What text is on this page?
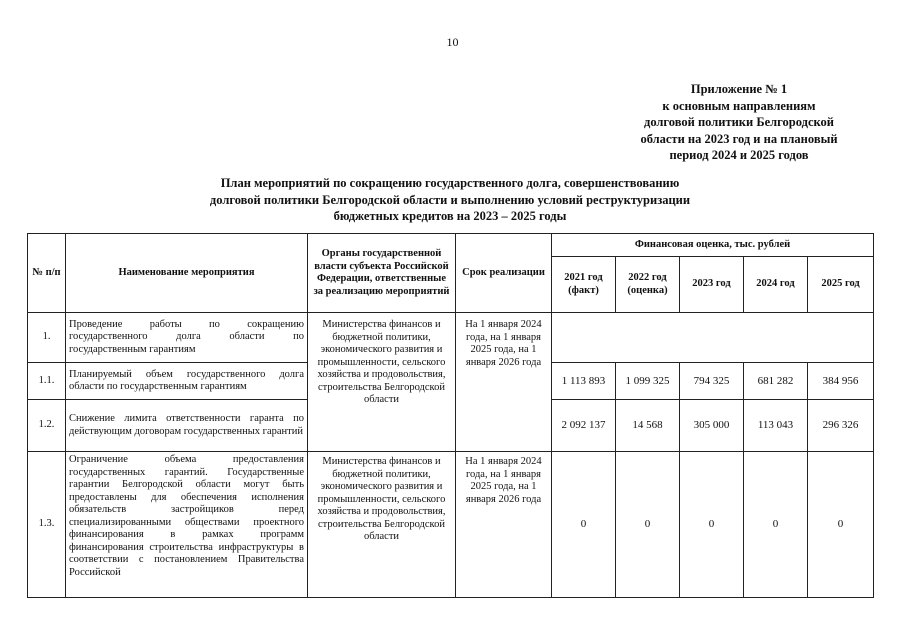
10
Приложение № 1
к основным направлениям
долговой политики Белгородской
области на 2023 год и на плановый
период 2024 и 2025 годов
План мероприятий по сокращению государственного долга, совершенствованию
долговой политики Белгородской области и выполнению условий реструктуризации
бюджетных кредитов на 2023 – 2025 годы
№ п/п	Наименование мероприятия	Органы государственной власти субъекта Российской Федерации, ответственные за реализацию мероприятий	Срок реализации	Финансовая оценка, тыс. рублей				
				2021 год (факт)	2022 год (оценка)	2023 год	2024 год	2025 год
1.	Проведение работы по сокращению государственного долга области по государственным гарантиям	Министерства финансов и бюджетной политики, экономического развития и промышленности, сельского хозяйства и продовольствия, строительства Белгородской области	На 1 января 2024 года, на 1 января 2025 года, на 1 января 2026 года					
1.1.	Планируемый объем государственного долга области по государственным гарантиям			1 113 893	1 099 325	794 325	681 282	384 956
1.2.	Снижение лимита ответственности гаранта по действующим договорам государственных гарантий			2 092 137	14 568	305 000	113 043	296 326
1.3.	Ограничение объема предоставления государственных гарантий. Государственные гарантии Белгородской области могут быть предоставлены для обеспечения исполнения обязательств застройщиков перед специализированными обществами проектного финансирования в рамках программ финансирования строительства инфраструктуры в соответствии с постановлением Правительства Российской	Министерства финансов и бюджетной политики, экономического развития и промышленности, сельского хозяйства и продовольствия, строительства Белгородской области	На 1 января 2024 года, на 1 января 2025 года, на 1 января 2026 года	0	0	0	0	0
